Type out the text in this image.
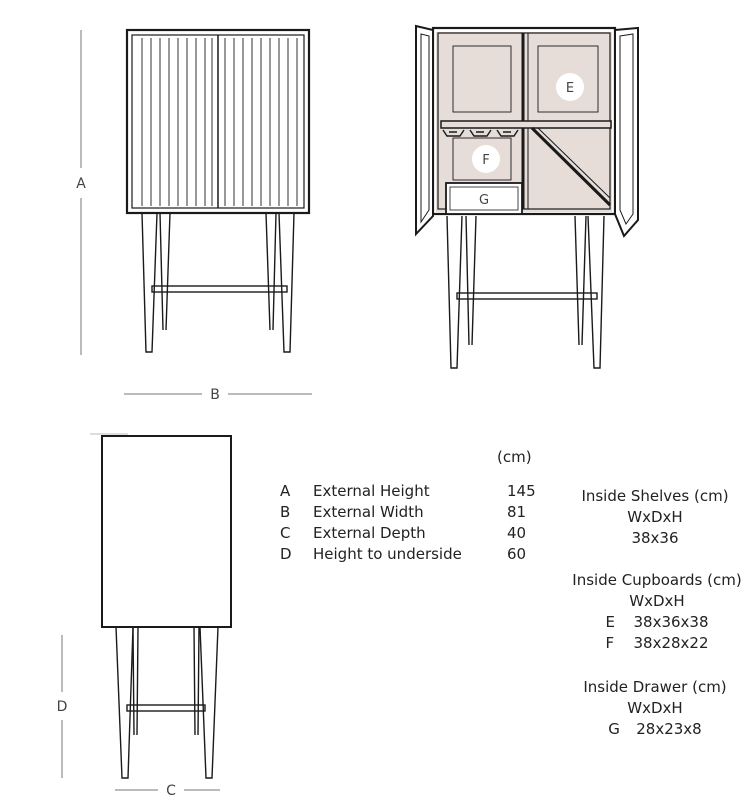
A
B
E
F
G
D
C
(cm)
A	External Height	145
B	External Width	81
C	External Depth	40
D	Height to underside	60
Inside Shelves (cm)
WxDxH
38x36
Inside Cupboards (cm)
WxDxH
E 38x36x38
F 38x28x22
Inside Drawer (cm)
WxDxH
G 28x23x8
